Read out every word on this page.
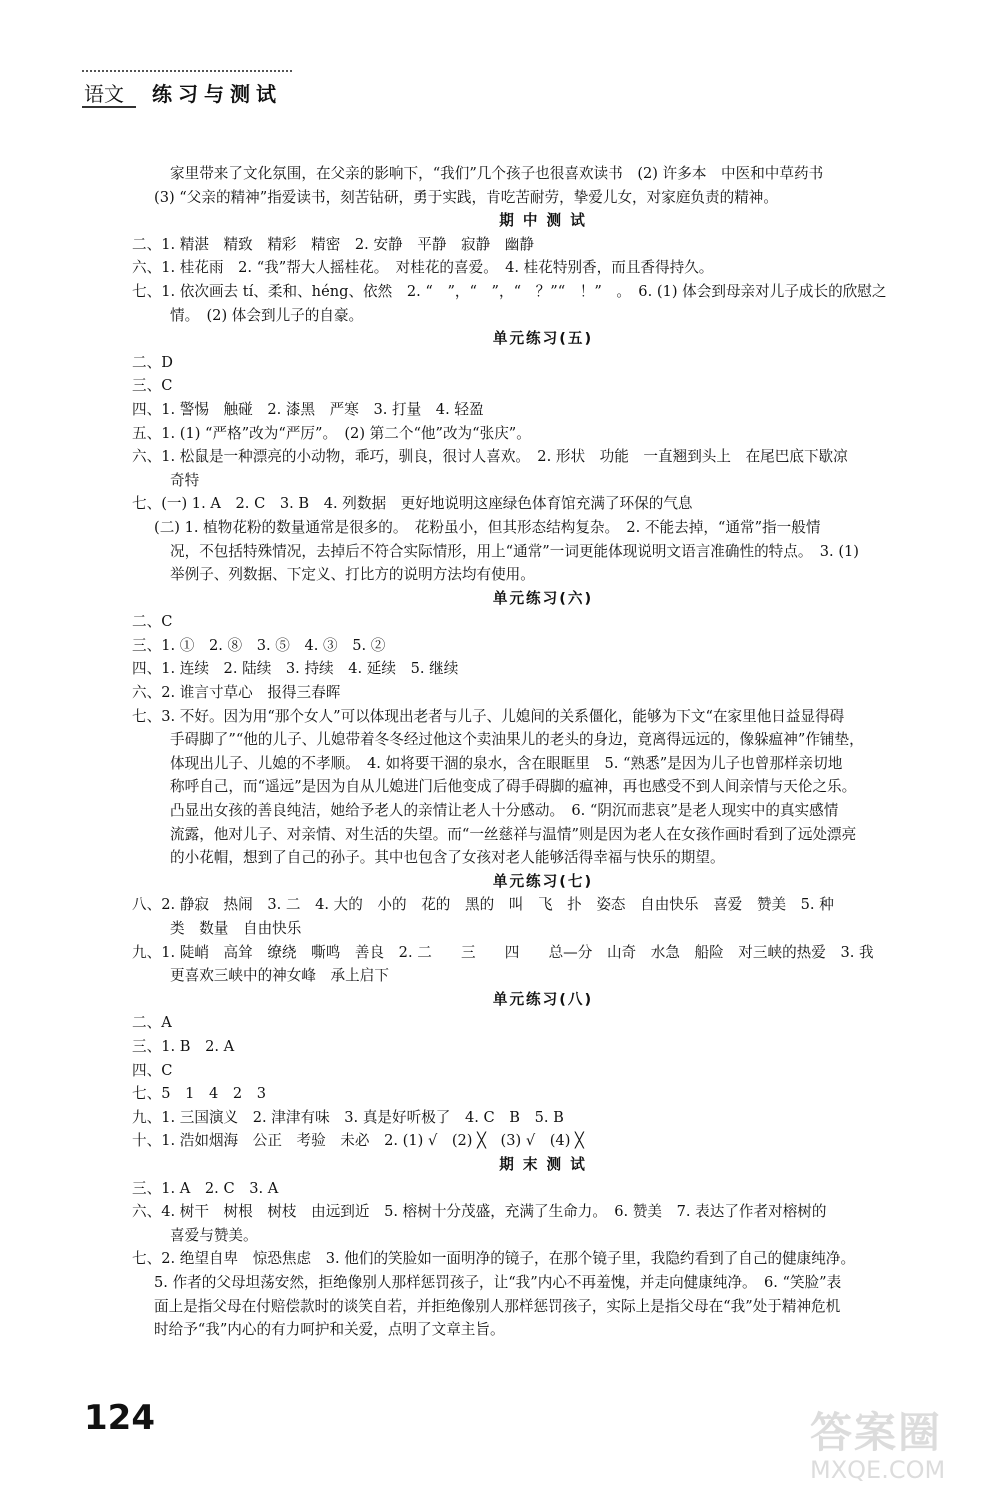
语文 练习与测试
家里带来了文化氛围，在父亲的影响下，“我们”几个孩子也很喜欢读书　(2) 许多本　中医和中草药书
(3) “父亲的精神”指爱读书，刻苦钻研，勇于实践，肯吃苦耐劳，挚爱儿女，对家庭负责的精神。
期 中 测 试
二、1. 精湛　精致　精彩　精密　2. 安静　平静　寂静　幽静
六、1. 桂花雨　2. “我”帮大人摇桂花。　对桂花的喜爱。　4. 桂花特别香，而且香得持久。
七、1. 依次画去 tí、柔和、héng、依然　2. “　”，“　”，“　？”“　！”　。　6. (1) 体会到母亲对儿子成长的欣慰之
情。　(2) 体会到儿子的自豪。
单元练习(五)
二、D
三、C
四、1. 警惕　触碰　2. 漆黑　严寒　3. 打量　4. 轻盈
五、1. (1) “严格”改为“严厉”。　(2) 第二个“他”改为“张庆”。
六、1. 松鼠是一种漂亮的小动物，乖巧，驯良，很讨人喜欢。　2. 形状　功能　一直翘到头上　在尾巴底下歇凉
奇特
七、(一) 1. A　2. C　3. B　4. 列数据　更好地说明这座绿色体育馆充满了环保的气息
(二) 1. 植物花粉的数量通常是很多的。　花粉虽小，但其形态结构复杂。　2. 不能去掉，“通常”指一般情
况，不包括特殊情况，去掉后不符合实际情形，用上“通常”一词更能体现说明文语言准确性的特点。　3. (1)
举例子、列数据、下定义、打比方的说明方法均有使用。
单元练习(六)
二、C
三、1. ①　2. ⑧　3. ⑤　4. ③　5. ②
四、1. 连续　2. 陆续　3. 持续　4. 延续　5. 继续
六、2. 谁言寸草心　报得三春晖
七、3. 不好。因为用“那个女人”可以体现出老者与儿子、儿媳间的关系僵化，能够为下文“在家里他日益显得碍
手碍脚了”“他的儿子、儿媳带着冬冬经过他这个卖油果儿的老头的身边，竟离得远远的，像躲瘟神”作铺垫，
体现出儿子、儿媳的不孝顺。　4. 如将要干涸的泉水，含在眼眶里　5. “熟悉”是因为儿子也曾那样亲切地
称呼自己，而“遥远”是因为自从儿媳进门后他变成了碍手碍脚的瘟神，再也感受不到人间亲情与天伦之乐。
凸显出女孩的善良纯洁，她给予老人的亲情让老人十分感动。　6. “阴沉而悲哀”是老人现实中的真实感情
流露，他对儿子、对亲情、对生活的失望。而“一丝慈祥与温情”则是因为老人在女孩作画时看到了远处漂亮
的小花帽，想到了自己的孙子。其中也包含了女孩对老人能够活得幸福与快乐的期望。
单元练习(七)
八、2. 静寂　热闹　3. 二　4. 大的　小的　花的　黑的　叫　飞　扑　姿态　自由快乐　喜爱　赞美　5. 种
类　数量　自由快乐
九、1. 陡峭　高耸　缭绕　嘶鸣　善良　2. 二　　三　　四　　总—分　山奇　水急　船险　对三峡的热爱　3. 我
更喜欢三峡中的神女峰　承上启下
单元练习(八)
二、A
三、1. B　2. A
四、C
七、5　1　4　2　3
九、1. 三国演义　2. 津津有味　3. 真是好听极了　4. C　B　5. B
十、1. 浩如烟海　公正　考验　未必　2. (1) √　(2) ╳　(3) √　(4) ╳
期 末 测 试
三、1. A　2. C　3. A
六、4. 树干　树根　树枝　由远到近　5. 榕树十分茂盛，充满了生命力。　6. 赞美　7. 表达了作者对榕树的
喜爱与赞美。
七、2. 绝望自卑　惊恐焦虑　3. 他们的笑脸如一面明净的镜子，在那个镜子里，我隐约看到了自己的健康纯净。
5. 作者的父母坦荡安然，拒绝像别人那样惩罚孩子，让“我”内心不再羞愧，并走向健康纯净。　6. “笑脸”表
面上是指父母在付赔偿款时的谈笑自若，并拒绝像别人那样惩罚孩子，实际上是指父母在“我”处于精神危机
时给予“我”内心的有力呵护和关爱，点明了文章主旨。
124	答案圈
MXQE.COM
